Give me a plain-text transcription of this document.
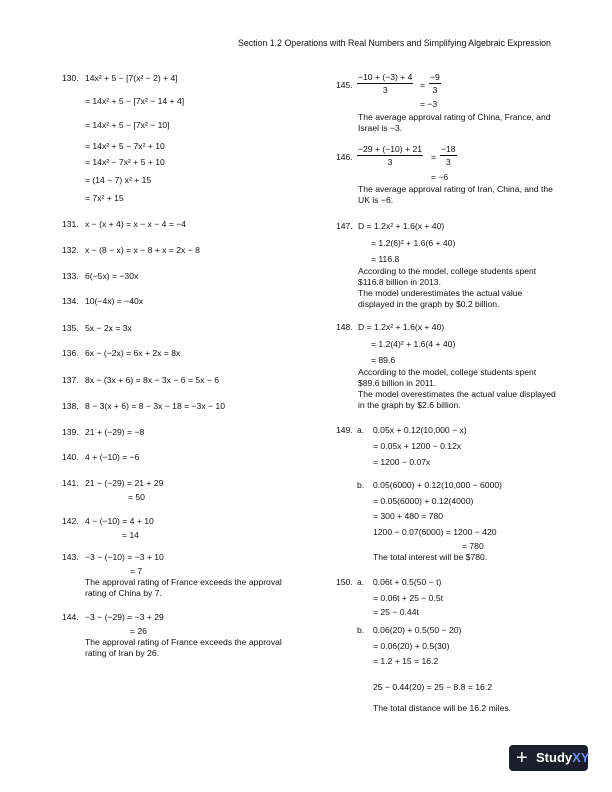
Section 1.2 Operations with Real Numbers and Simplifying Algebraic Expression
130. 14x² + 5 − [7(x² − 2) + 4]
= 14x² + 5 − [7x² − 14 + 4]
= 14x² + 5 − [7x² − 10]
= 14x² + 5 − 7x² + 10
= 14x² − 7x² + 5 + 10
= (14 − 7) x² + 15
= 7x² + 15
131. x − (x + 4) = x − x − 4 = −4
132. x − (8 − x) = x − 8 + x = 2x − 8
133. 6(−5x) = −30x
134. 10(−4x) = −40x
135. 5x − 2x = 3x
136. 6x − (−2x) = 6x + 2x = 8x
137. 8x − (3x + 6) = 8x − 3x − 6 = 5x − 6
138. 8 − 3(x + 6) = 8 − 3x − 18 = −3x − 10
139. 21 + (−29) = −8
140. 4 + (−10) = −6
141. 21 − (−29) = 21 + 29
= 50
142. 4 − (−10) = 4 + 10
= 14
143. −3 − (−10) = −3 + 10
= 7
The approval rating of France exceeds the approval
rating of China by 7.
144. −3 − (−29) = −3 + 29
= 26
The approval rating of France exceeds the approval
rating of Iran by 26.
145. $\frac{-10 + (-3) + 4}{3} = \frac{-9}{3}$
= −3
The average approval rating of China, France, and
Israel is −3.
146. $\frac{-29 + (-10) + 21}{3} = \frac{-18}{3}$
= −6
The average approval rating of Iran, China, and the
UK is −6.
147. D = 1.2x² + 1.6(x + 40)
= 1.2(6)² + 1.6(6 + 40)
= 116.8
According to the model, college students spent
$116.8 billion in 2013.
The model underestimates the actual value
displayed in the graph by $0.2 billion.
148. D = 1.2x² + 1.6(x + 40)
= 1.2(4)² + 1.6(4 + 40)
= 89.6
According to the model, college students spent
$89.6 billion in 2011.
The model overestimates the actual value displayed
in the graph by $2.6 billion.
149. a. 0.05x + 0.12(10,000 − x)
= 0.05x + 1200 − 0.12x
= 1200 − 0.07x
b. 0.05(6000) + 0.12(10,000 − 6000)
= 0.05(6000) + 0.12(4000)
= 300 + 480 = 780
1200 − 0.07(6000) = 1200 − 420
= 780
The total interest will be $780.
150. a. 0.06t + 0.5(50 − t)
= 0.06t + 25 − 0.5t
= 25 − 0.44t
b. 0.06(20) + 0.5(50 − 20)
= 0.06(20) + 0.5(30)
= 1.2 + 15 = 16.2
25 − 0.44(20) = 25 − 8.8 = 16.2
The total distance will be 16.2 miles.
+ StudyXY
